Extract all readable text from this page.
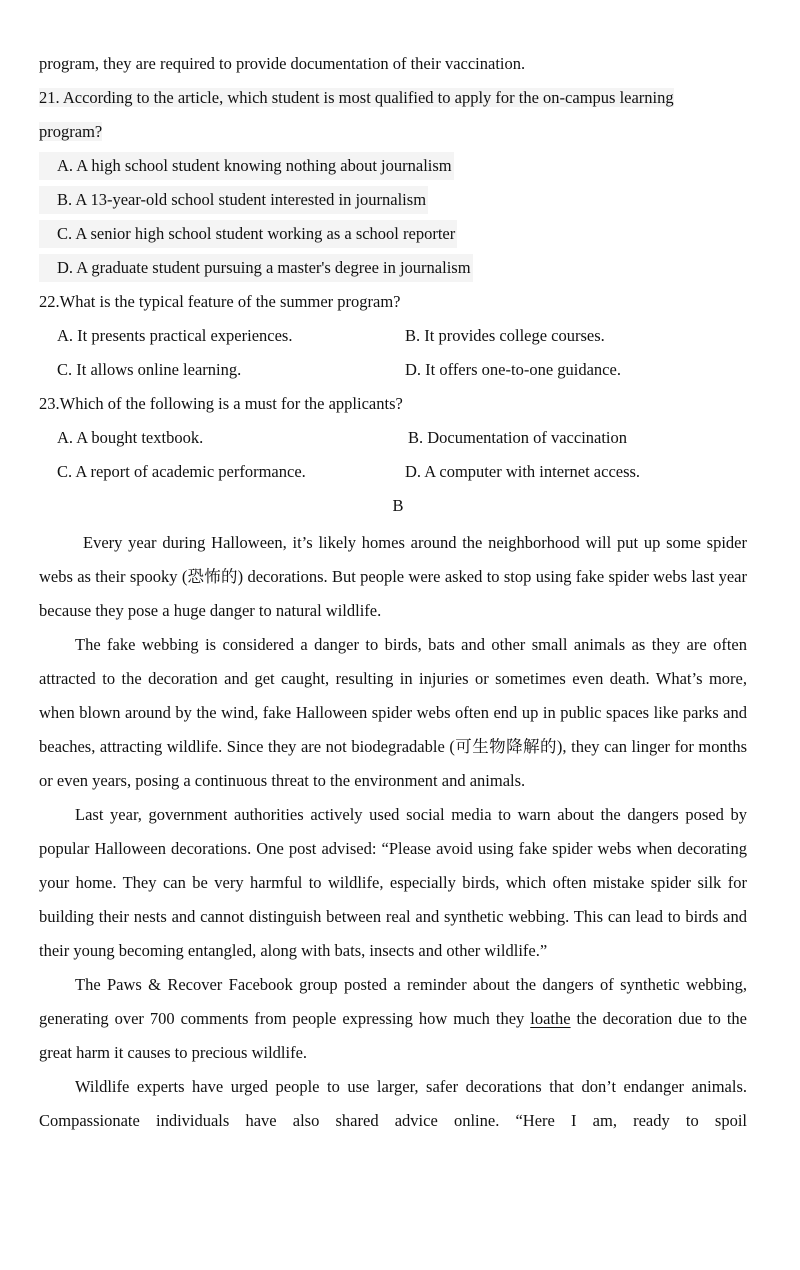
program, they are required to provide documentation of their vaccination.
21. According to the article, which student is most qualified to apply for the on-campus learning
program?
A. A high school student knowing nothing about journalism
B. A 13-year-old school student interested in journalism
C. A senior high school student working as a school reporter
D. A graduate student pursuing a master's degree in journalism
22.What is the typical feature of the summer program?
A. It presents practical experiences.	B. It provides college courses.
C. It allows online learning.	D. It offers one-to-one guidance.
23.Which of the following is a must for the applicants?
A. A bought textbook.	B. Documentation of vaccination
C. A report of academic performance.	D. A computer with internet access.
B

Every year during Halloween, it’s likely homes around the neighborhood will put up some spider webs as their spooky (恐怖的) decorations. But people were asked to stop using fake spider webs last year because they pose a huge danger to natural wildlife.

The fake webbing is considered a danger to birds, bats and other small animals as they are often attracted to the decoration and get caught, resulting in injuries or sometimes even death. What’s more, when blown around by the wind, fake Halloween spider webs often end up in public spaces like parks and beaches, attracting wildlife. Since they are not biodegradable (可生物降解的), they can linger for months or even years, posing a continuous threat to the environment and animals.

Last year, government authorities actively used social media to warn about the dangers posed by popular Halloween decorations. One post advised: “Please avoid using fake spider webs when decorating your home. They can be very harmful to wildlife, especially birds, which often mistake spider silk for building their nests and cannot distinguish between real and synthetic webbing. This can lead to birds and their young becoming entangled, along with bats, insects and other wildlife.”

The Paws & Recover Facebook group posted a reminder about the dangers of synthetic webbing, generating over 700 comments from people expressing how much they loathe the decoration due to the great harm it causes to precious wildlife.

Wildlife experts have urged people to use larger, safer decorations that don’t endanger animals. Compassionate individuals have also shared advice online. “Here I am, ready to spoil
